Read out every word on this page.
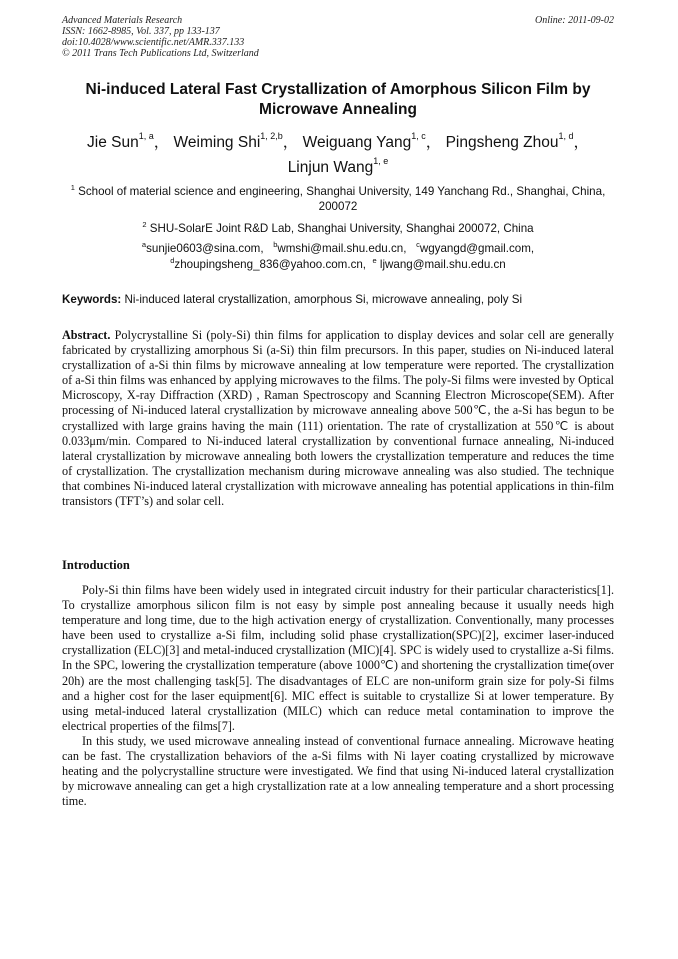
Advanced Materials Research
ISSN: 1662-8985, Vol. 337, pp 133-137
doi:10.4028/www.scientific.net/AMR.337.133
© 2011 Trans Tech Publications Ltd, Switzerland
Online: 2011-09-02
Ni-induced Lateral Fast Crystallization of Amorphous Silicon Film by Microwave Annealing
Jie Sun$^{1, a}$， Weiming Shi$^{1, 2,b}$， Weiguang Yang$^{1, c}$， Pingsheng Zhou$^{1, d}$，
Linjun Wang$^{1, e}$
$^1$ School of material science and engineering, Shanghai University, 149 Yanchang Rd., Shanghai, China, 200072
$^2$ SHU-SolarE Joint R&D Lab, Shanghai University, Shanghai 200072, China
$^a$sunjie0603@sina.com, $^b$wmshi@mail.shu.edu.cn, $^c$wgyangd@gmail.com,
$^d$zhoupingsheng_836@yahoo.com.cn, $^e$ ljwang@mail.shu.edu.cn
Keywords: Ni-induced lateral crystallization, amorphous Si, microwave annealing, poly Si
Abstract. Polycrystalline Si (poly-Si) thin films for application to display devices and solar cell are generally fabricated by crystallizing amorphous Si (a-Si) thin film precursors. In this paper, studies on Ni-induced lateral crystallization of a-Si thin films by microwave annealing at low temperature were reported. The crystallization of a-Si thin films was enhanced by applying microwaves to the films. The poly-Si films were invested by Optical Microscopy, X-ray Diffraction (XRD) , Raman Spectroscopy and Scanning Electron Microscope(SEM). After processing of Ni-induced lateral crystallization by microwave annealing above 500℃, the a-Si has begun to be crystallized with large grains having the main (111) orientation. The rate of crystallization at 550℃ is about 0.033μm/min. Compared to Ni-induced lateral crystallization by conventional furnace annealing, Ni-induced lateral crystallization by microwave annealing both lowers the crystallization temperature and reduces the time of crystallization. The crystallization mechanism during microwave annealing was also studied. The technique that combines Ni-induced lateral crystallization with microwave annealing has potential applications in thin-film transistors (TFT’s) and solar cell.
Introduction

Poly-Si thin films have been widely used in integrated circuit industry for their particular characteristics[1]. To crystallize amorphous silicon film is not easy by simple post annealing because it usually needs high temperature and long time, due to the high activation energy of crystallization. Conventionally, many processes have been used to crystallize a-Si film, including solid phase crystallization(SPC)[2], excimer laser-induced crystallization (ELC)[3] and metal-induced crystallization (MIC)[4]. SPC is widely used to crystallize a-Si films. In the SPC, lowering the crystallization temperature (above 1000℃) and shortening the crystallization time(over 20h) are the most challenging task[5]. The disadvantages of ELC are non-uniform grain size for poly-Si films and a higher cost for the laser equipment[6]. MIC effect is suitable to crystallize Si at lower temperature. By using metal-induced lateral crystallization (MILC) which can reduce metal contamination to improve the electrical properties of the films[7].

In this study, we used microwave annealing instead of conventional furnace annealing. Microwave heating can be fast. The crystallization behaviors of the a-Si films with Ni layer coating crystallized by microwave heating and the polycrystalline structure were investigated. We find that using Ni-induced lateral crystallization by microwave annealing can get a high crystallization rate at a low annealing temperature and a short processing time.
